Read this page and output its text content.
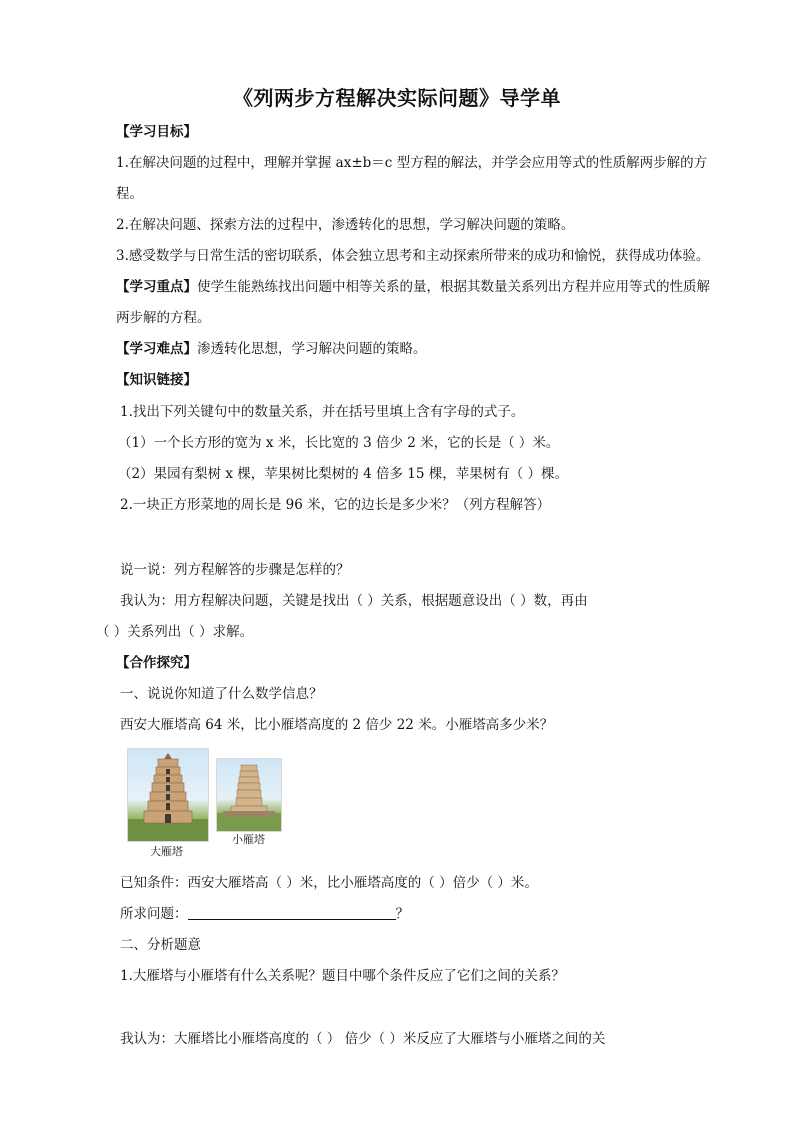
《列两步方程解决实际问题》导学单
【学习目标】
1.在解决问题的过程中，理解并掌握 ax±b＝c 型方程的解法，并学会应用等式的性质解两步解的方
程。
2.在解决问题、探索方法的过程中，渗透转化的思想，学习解决问题的策略。
3.感受数学与日常生活的密切联系，体会独立思考和主动探索所带来的成功和愉悦，获得成功体验。
【学习重点】使学生能熟练找出问题中相等关系的量，根据其数量关系列出方程并应用等式的性质解
两步解的方程。
【学习难点】渗透转化思想，学习解决问题的策略。
【知识链接】
1.找出下列关键句中的数量关系，并在括号里填上含有字母的式子。
（1）一个长方形的宽为 x 米，长比宽的 3 倍少 2 米，它的长是（ ）米。
（2）果园有梨树 x 棵，苹果树比梨树的 4 倍多 15 棵，苹果树有（ ）棵。
2.一块正方形菜地的周长是 96 米，它的边长是多少米？（列方程解答）
说一说：列方程解答的步骤是怎样的？
我认为：用方程解决问题，关键是找出（ ）关系，根据题意设出（ ）数，再由
（ ）关系列出（ ）求解。
【合作探究】
一、说说你知道了什么数学信息？
西安大雁塔高 64 米，比小雁塔高度的 2 倍少 22 米。小雁塔高多少米？
大雁塔
小雁塔
已知条件：西安大雁塔高（ ）米，比小雁塔高度的（ ）倍少（ ）米。
所求问题：	？
二、分析题意
1.大雁塔与小雁塔有什么关系呢？题目中哪个条件反应了它们之间的关系？
我认为：大雁塔比小雁塔高度的（ ） 倍少（ ）米反应了大雁塔与小雁塔之间的关
